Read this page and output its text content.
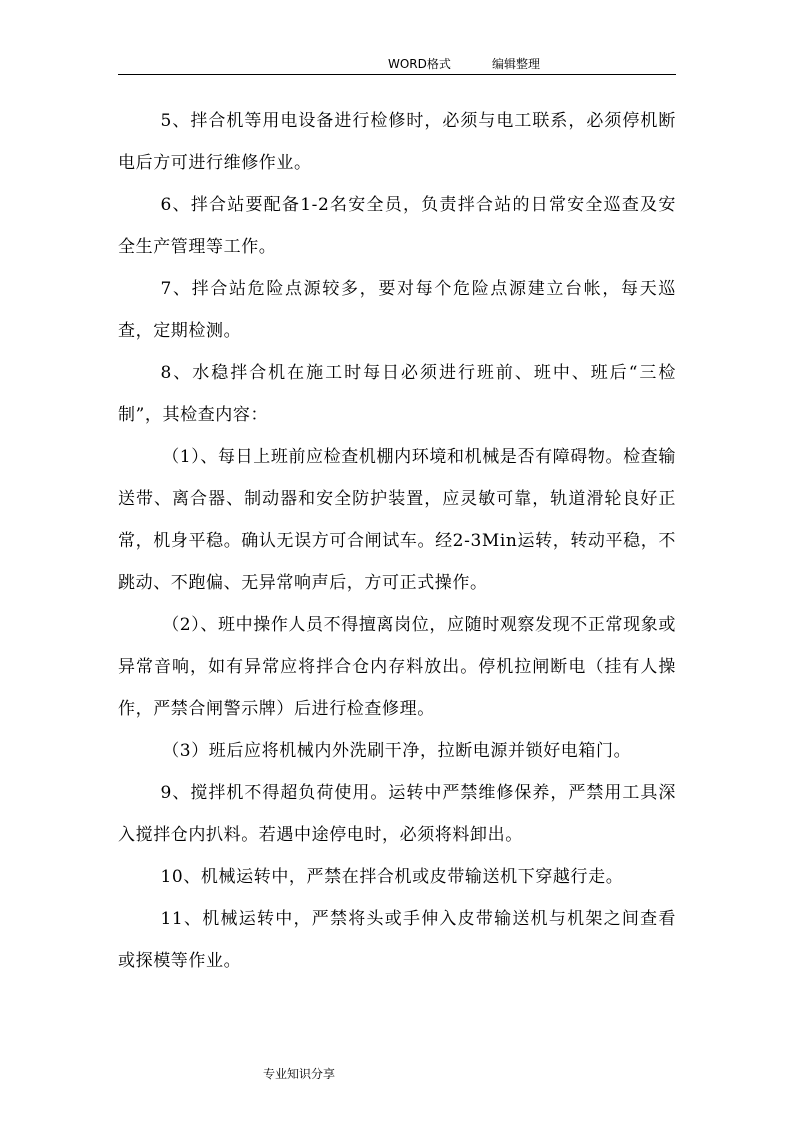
WORD格式	编辑整理

5、拌合机等用电设备进行检修时，必须与电工联系，必须停机断电后方可进行维修作业。

6、拌合站要配备1-2名安全员，负责拌合站的日常安全巡查及安全生产管理等工作。

7、拌合站危险点源较多，要对每个危险点源建立台帐，每天巡查，定期检测。

8、水稳拌合机在施工时每日必须进行班前、班中、班后“三检制”，其检查内容：

（1）、每日上班前应检查机棚内环境和机械是否有障碍物。检查输送带、离合器、制动器和安全防护装置，应灵敏可靠，轨道滑轮良好正常，机身平稳。确认无误方可合闸试车。经2-3Min运转，转动平稳，不跳动、不跑偏、无异常响声后，方可正式操作。

（2）、班中操作人员不得擅离岗位，应随时观察发现不正常现象或异常音响，如有异常应将拌合仓内存料放出。停机拉闸断电（挂有人操作，严禁合闸警示牌）后进行检查修理。

（3）班后应将机械内外洗刷干净，拉断电源并锁好电箱门。

9、搅拌机不得超负荷使用。运转中严禁维修保养，严禁用工具深入搅拌仓内扒料。若遇中途停电时，必须将料卸出。

10、机械运转中，严禁在拌合机或皮带输送机下穿越行走。

11、机械运转中，严禁将头或手伸入皮带输送机与机架之间查看或探模等作业。

专业知识分享
